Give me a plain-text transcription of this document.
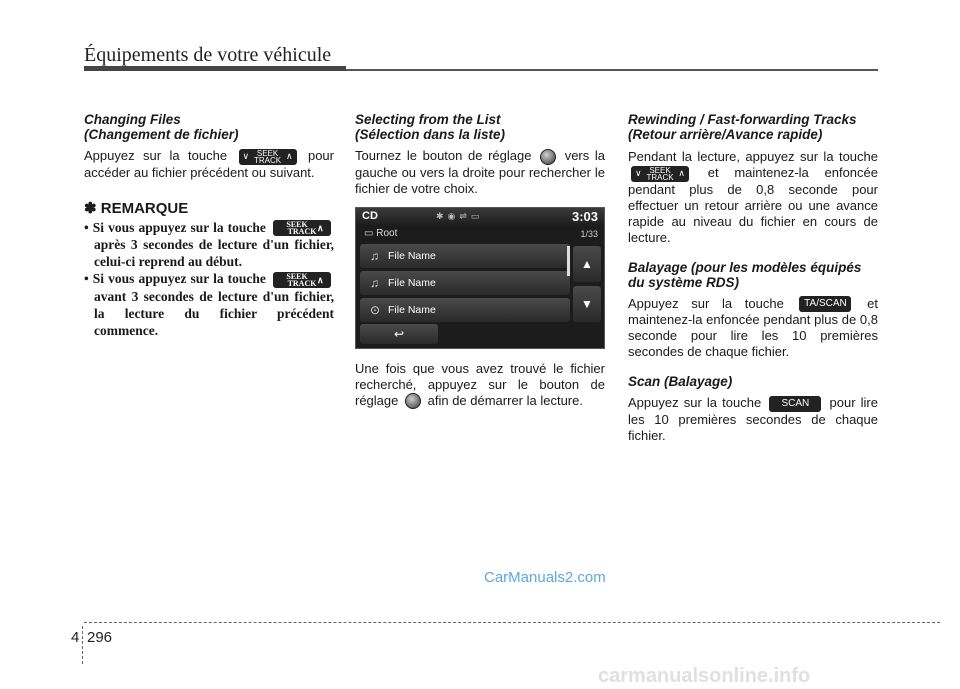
Équipements de votre véhicule

Changing Files
(Changement de fichier)

Appuyez sur la touche ∨ SEEK
TRACK ∧ pour accéder au fichier précédent ou suivant.

✽ REMARQUE

• Si vous appuyez sur la touche ∨	SEEK
TRACK ∧
après 3 secondes de lecture d'un fichier, celui-ci reprend au début.

• Si vous appuyez sur la touche ∨	SEEK
TRACK ∧
avant 3 secondes de lecture d'un fichier, la lecture du fichier précédent commence.

Selecting from the List
(Sélection dans la liste)

Tournez le bouton de réglage	vers la gauche ou vers la droite pour rechercher le fichier de votre choix.

CD	✱◉⇌▭	3:03
▭ Root	1/33
♫ File Name
♫ File Name
⊙ File Name
▲
▼
↩

Une fois que vous avez trouvé le fichier recherché, appuyez sur le bouton de réglage afin de démarrer la lecture.

Rewinding / Fast-forwarding Tracks
(Retour arrière/Avance rapide)

Pendant la lecture, appuyez sur la touche
∨ SEEK
TRACK ∧ et maintenez-la enfoncée pendant plus de 0,8 seconde pour effectuer un retour arrière ou une avance rapide au niveau du fichier en cours de lecture.

Balayage (pour les modèles équipés
du système RDS)

Appuyez sur la touche TA/SCAN et maintenez-la enfoncée pendant plus de 0,8 seconde pour lire les 10 premières secondes de chaque fichier.

Scan (Balayage)

Appuyez sur la touche SCAN pour lire les 10 premières secondes de chaque fichier.

CarManuals2.com
4 296
carmanualsonline.info
